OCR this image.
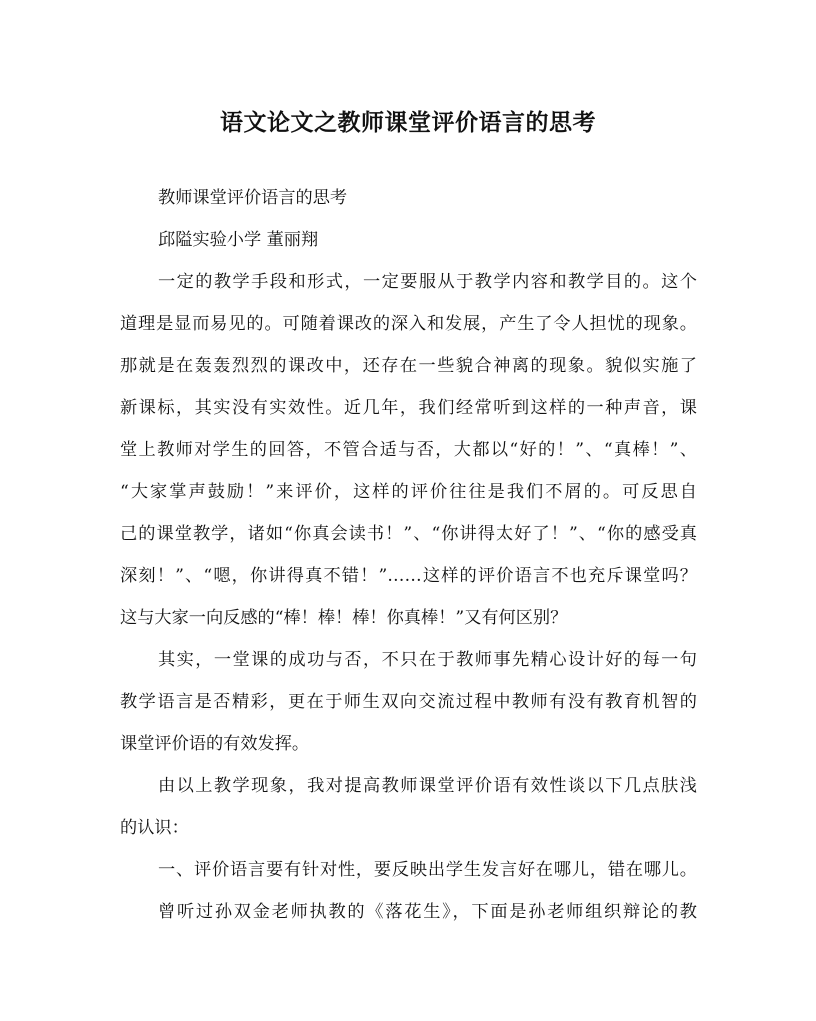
语文论文之教师课堂评价语言的思考

教师课堂评价语言的思考

邱隘实验小学 董丽翔

一定的教学手段和形式，一定要服从于教学内容和教学目的。这个

道理是显而易见的。可随着课改的深入和发展，产生了令人担忧的现象。

那就是在轰轰烈烈的课改中，还存在一些貌合神离的现象。貌似实施了

新课标，其实没有实效性。近几年，我们经常听到这样的一种声音，课

堂上教师对学生的回答，不管合适与否，大都以“好的！”、“真棒！”、

“大家掌声鼓励！”来评价，这样的评价往往是我们不屑的。可反思自

己的课堂教学，诸如“你真会读书！”、“你讲得太好了！”、“你的感受真

深刻！”、“嗯，你讲得真不错！”……这样的评价语言不也充斥课堂吗？

这与大家一向反感的“棒！棒！棒！你真棒！”又有何区别？

其实，一堂课的成功与否，不只在于教师事先精心设计好的每一句

教学语言是否精彩，更在于师生双向交流过程中教师有没有教育机智的

课堂评价语的有效发挥。

由以上教学现象，我对提高教师课堂评价语有效性谈以下几点肤浅

的认识：

一、评价语言要有针对性，要反映出学生发言好在哪儿，错在哪儿。

曾听过孙双金老师执教的《落花生》，下面是孙老师组织辩论的教
